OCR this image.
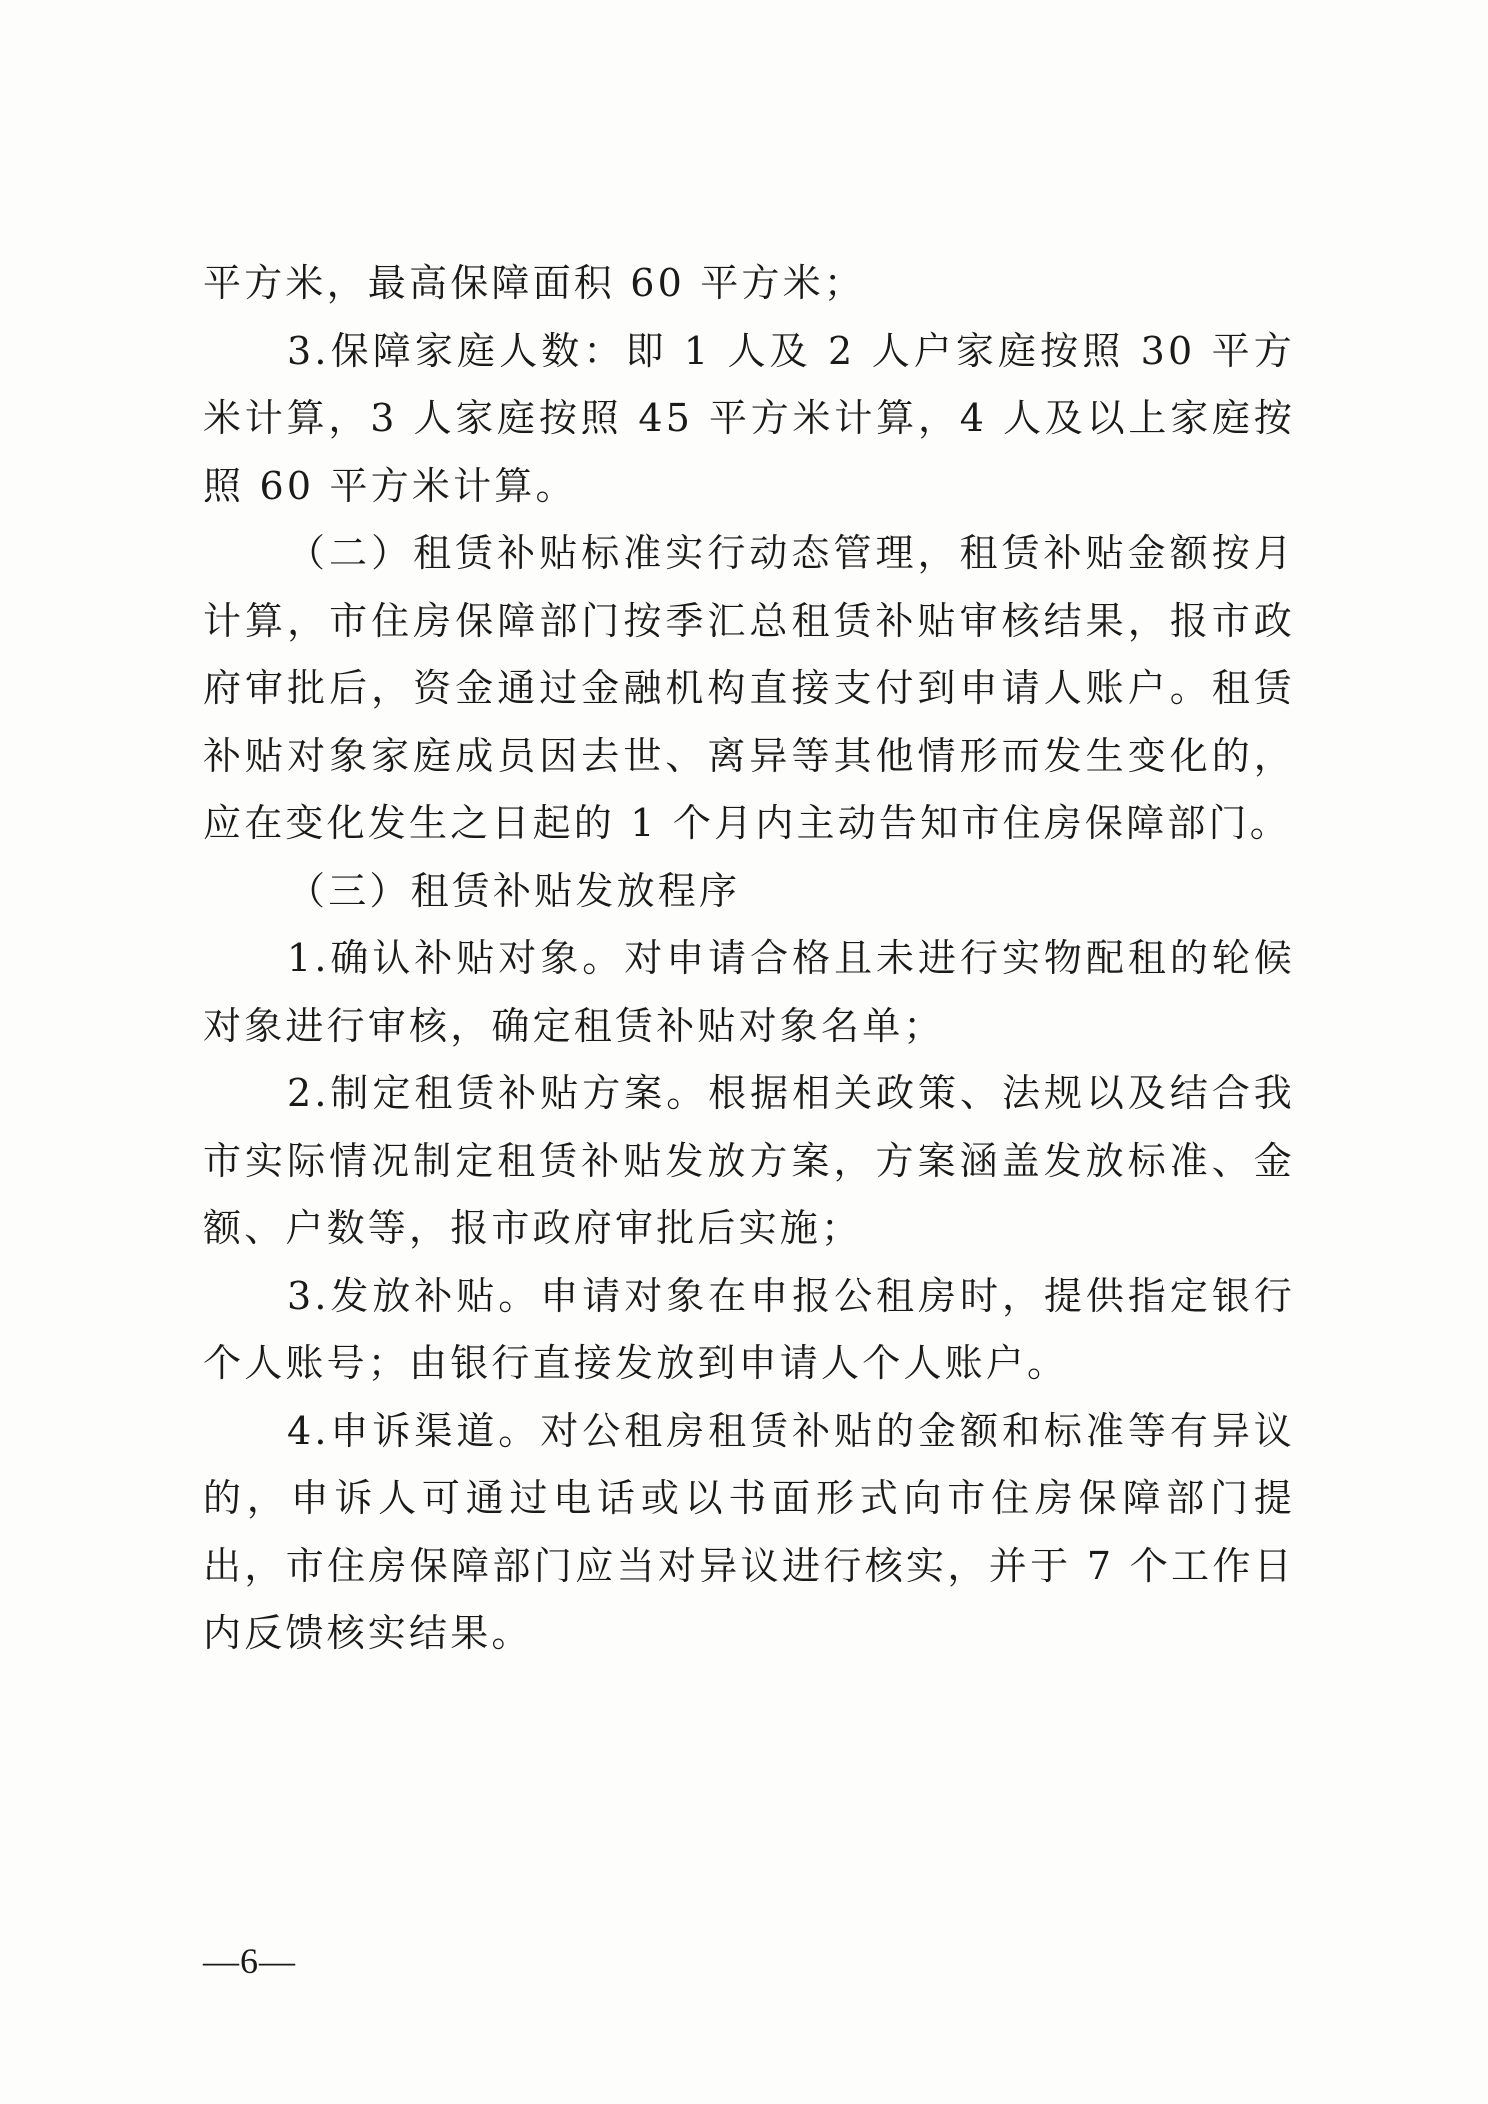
平方米，最高保障面积 60 平方米；

3.保障家庭人数：即 1 人及 2 人户家庭按照 30 平方米计算，3 人家庭按照 45 平方米计算，4 人及以上家庭按照 60 平方米计算。

（二）租赁补贴标准实行动态管理，租赁补贴金额按月计算，市住房保障部门按季汇总租赁补贴审核结果，报市政府审批后，资金通过金融机构直接支付到申请人账户。租赁补贴对象家庭成员因去世、离异等其他情形而发生变化的，应在变化发生之日起的 1 个月内主动告知市住房保障部门。

（三）租赁补贴发放程序

1.确认补贴对象。对申请合格且未进行实物配租的轮候对象进行审核，确定租赁补贴对象名单；

2.制定租赁补贴方案。根据相关政策、法规以及结合我市实际情况制定租赁补贴发放方案，方案涵盖发放标准、金额、户数等，报市政府审批后实施；

3.发放补贴。申请对象在申报公租房时，提供指定银行个人账号；由银行直接发放到申请人个人账户。

4.申诉渠道。对公租房租赁补贴的金额和标准等有异议的，申诉人可通过电话或以书面形式向市住房保障部门提出，市住房保障部门应当对异议进行核实，并于 7 个工作日内反馈核实结果。

—6—
